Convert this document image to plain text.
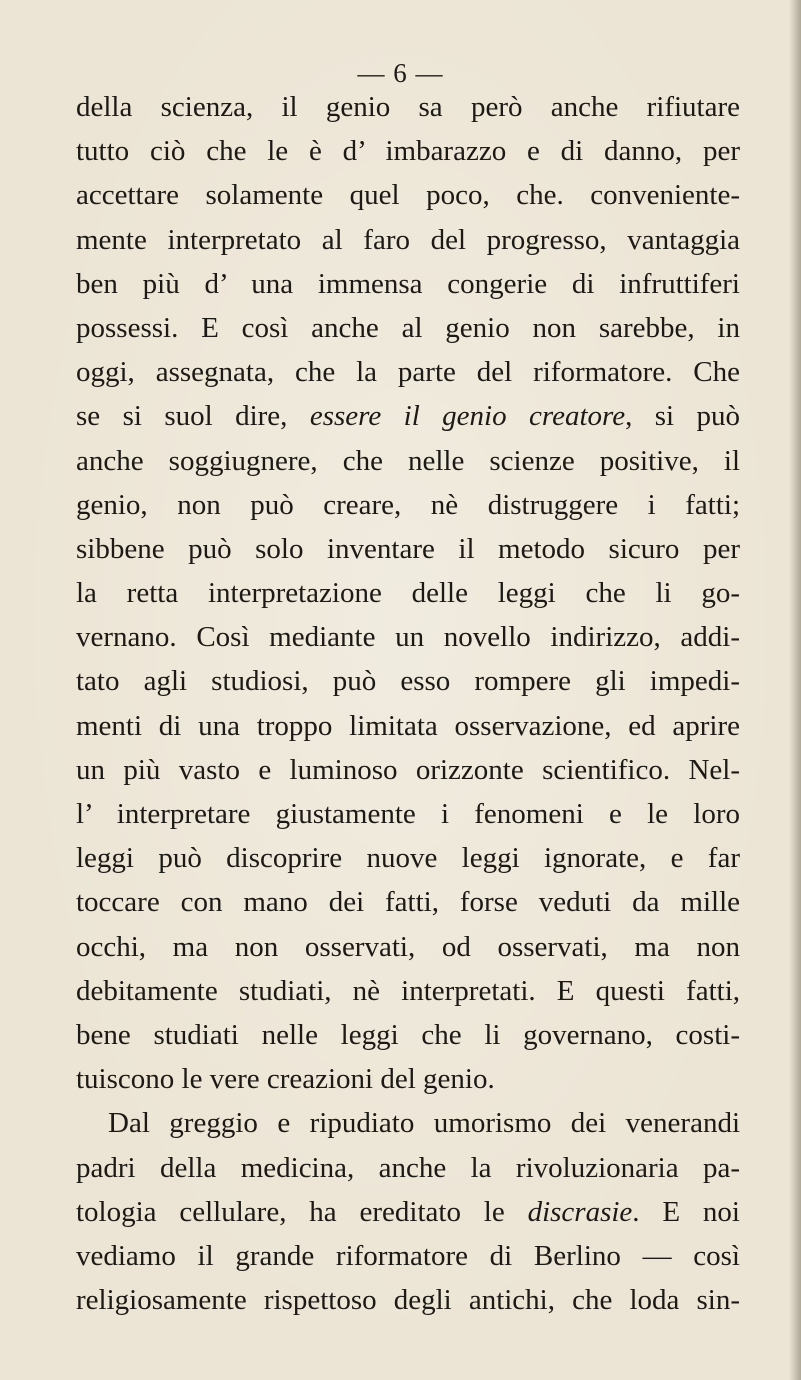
— 6 —
della scienza, il genio sa però anche rifiutare
tutto ciò che le è d’ imbarazzo e di danno, per
accettare solamente quel poco, che. conveniente-
mente interpretato al faro del progresso, vantaggia
ben più d’ una immensa congerie di infruttiferi
possessi. E così anche al genio non sarebbe, in
oggi, assegnata, che la parte del riformatore. Che
se si suol dire, essere il genio creatore, si può
anche soggiugnere, che nelle scienze positive, il
genio, non può creare, nè distruggere i fatti;
sibbene può solo inventare il metodo sicuro per
la retta interpretazione delle leggi che li go-
vernano. Così mediante un novello indirizzo, addi-
tato agli studiosi, può esso rompere gli impedi-
menti di una troppo limitata osservazione, ed aprire
un più vasto e luminoso orizzonte scientifico. Nel-
l’ interpretare giustamente i fenomeni e le loro
leggi può discoprire nuove leggi ignorate, e far
toccare con mano dei fatti, forse veduti da mille
occhi, ma non osservati, od osservati, ma non
debitamente studiati, nè interpretati. E questi fatti,
bene studiati nelle leggi che li governano, costi-
tuiscono le vere creazioni del genio.
Dal greggio e ripudiato umorismo dei venerandi
padri della medicina, anche la rivoluzionaria pa-
tologia cellulare, ha ereditato le discrasie. E noi
vediamo il grande riformatore di Berlino — così
religiosamente rispettoso degli antichi, che loda sin-
